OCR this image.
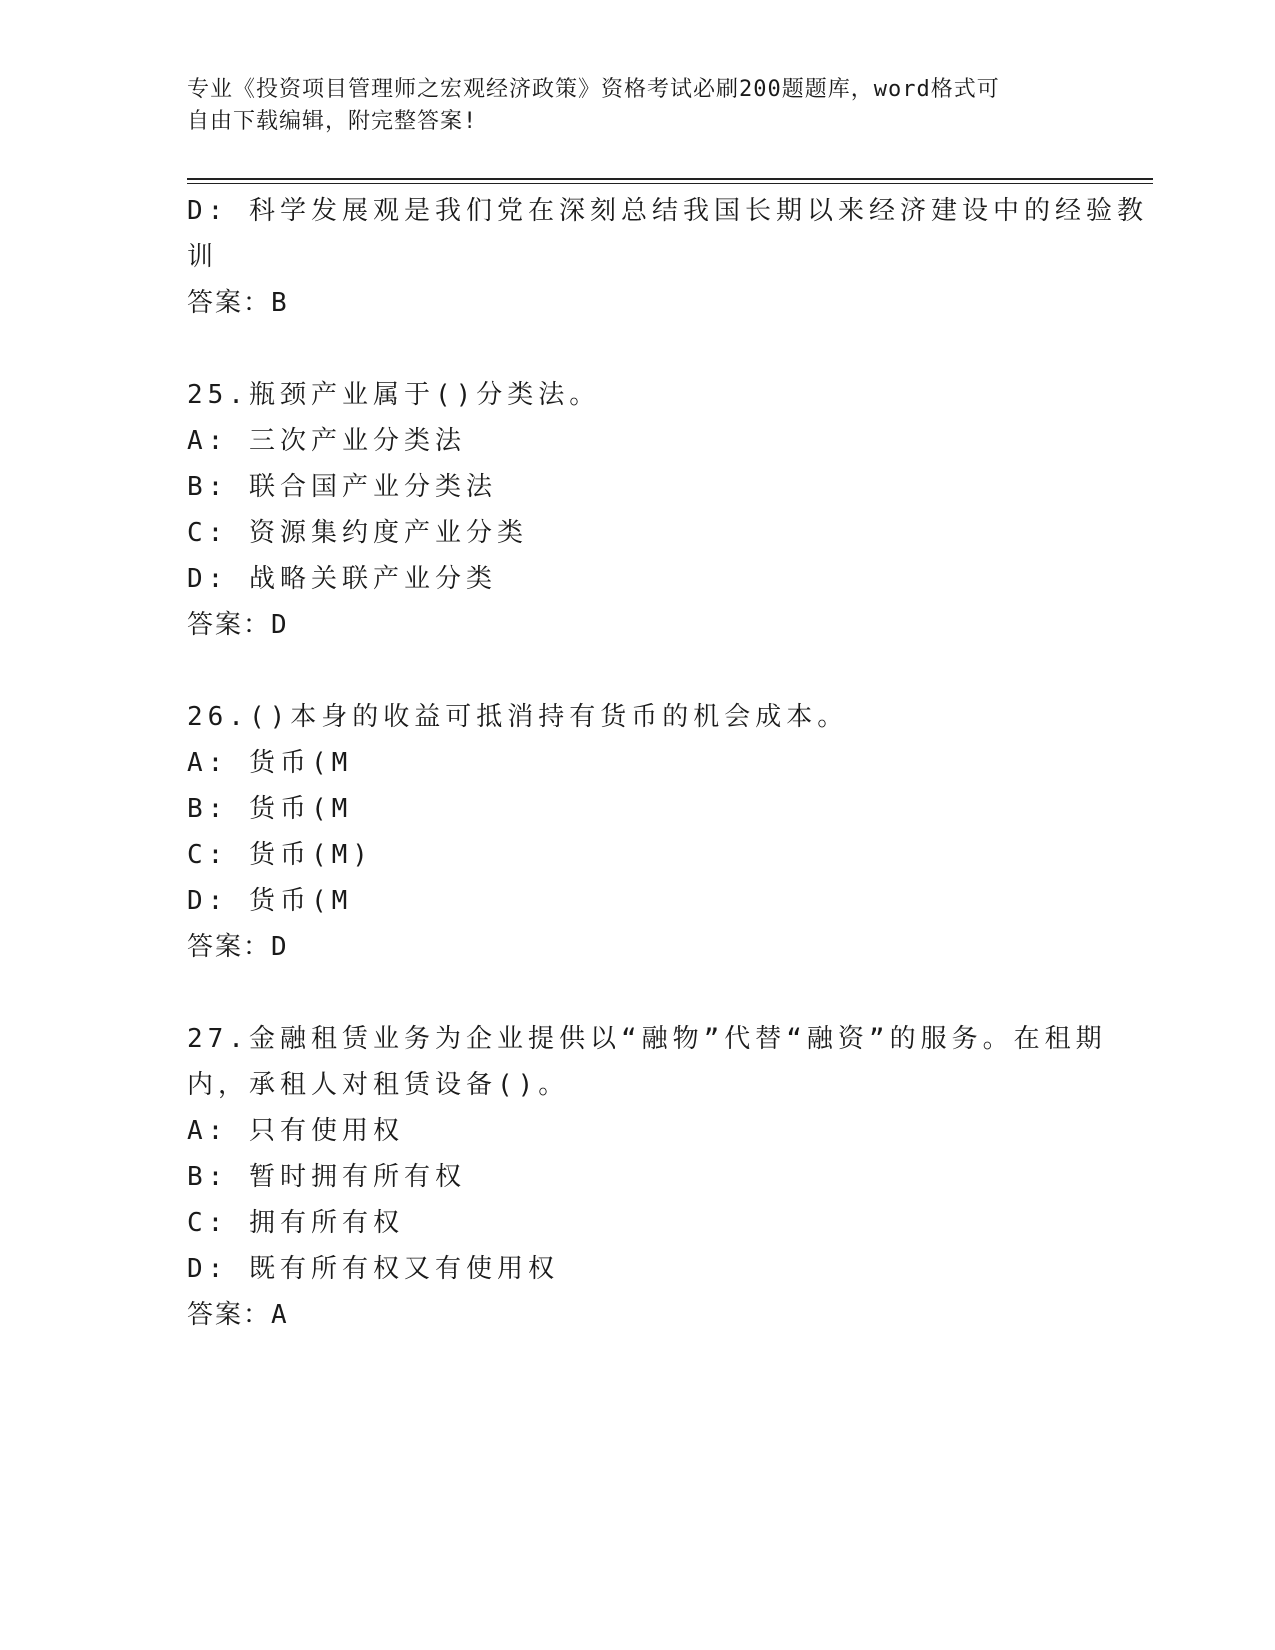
专业《投资项目管理师之宏观经济政策》资格考试必刷200题题库，word格式可
自由下载编辑，附完整答案!
D: 科学发展观是我们党在深刻总结我国长期以来经济建设中的经验教
训
答案：B
25.瓶颈产业属于()分类法。
A: 三次产业分类法
B: 联合国产业分类法
C: 资源集约度产业分类
D: 战略关联产业分类
答案：D
26.()本身的收益可抵消持有货币的机会成本。
A: 货币(M
B: 货币(M
C: 货币(M)
D: 货币(M
答案：D
27.金融租赁业务为企业提供以“融物”代替“融资”的服务。在租期
内，承租人对租赁设备()。
A: 只有使用权
B: 暂时拥有所有权
C: 拥有所有权
D: 既有所有权又有使用权
答案：A
